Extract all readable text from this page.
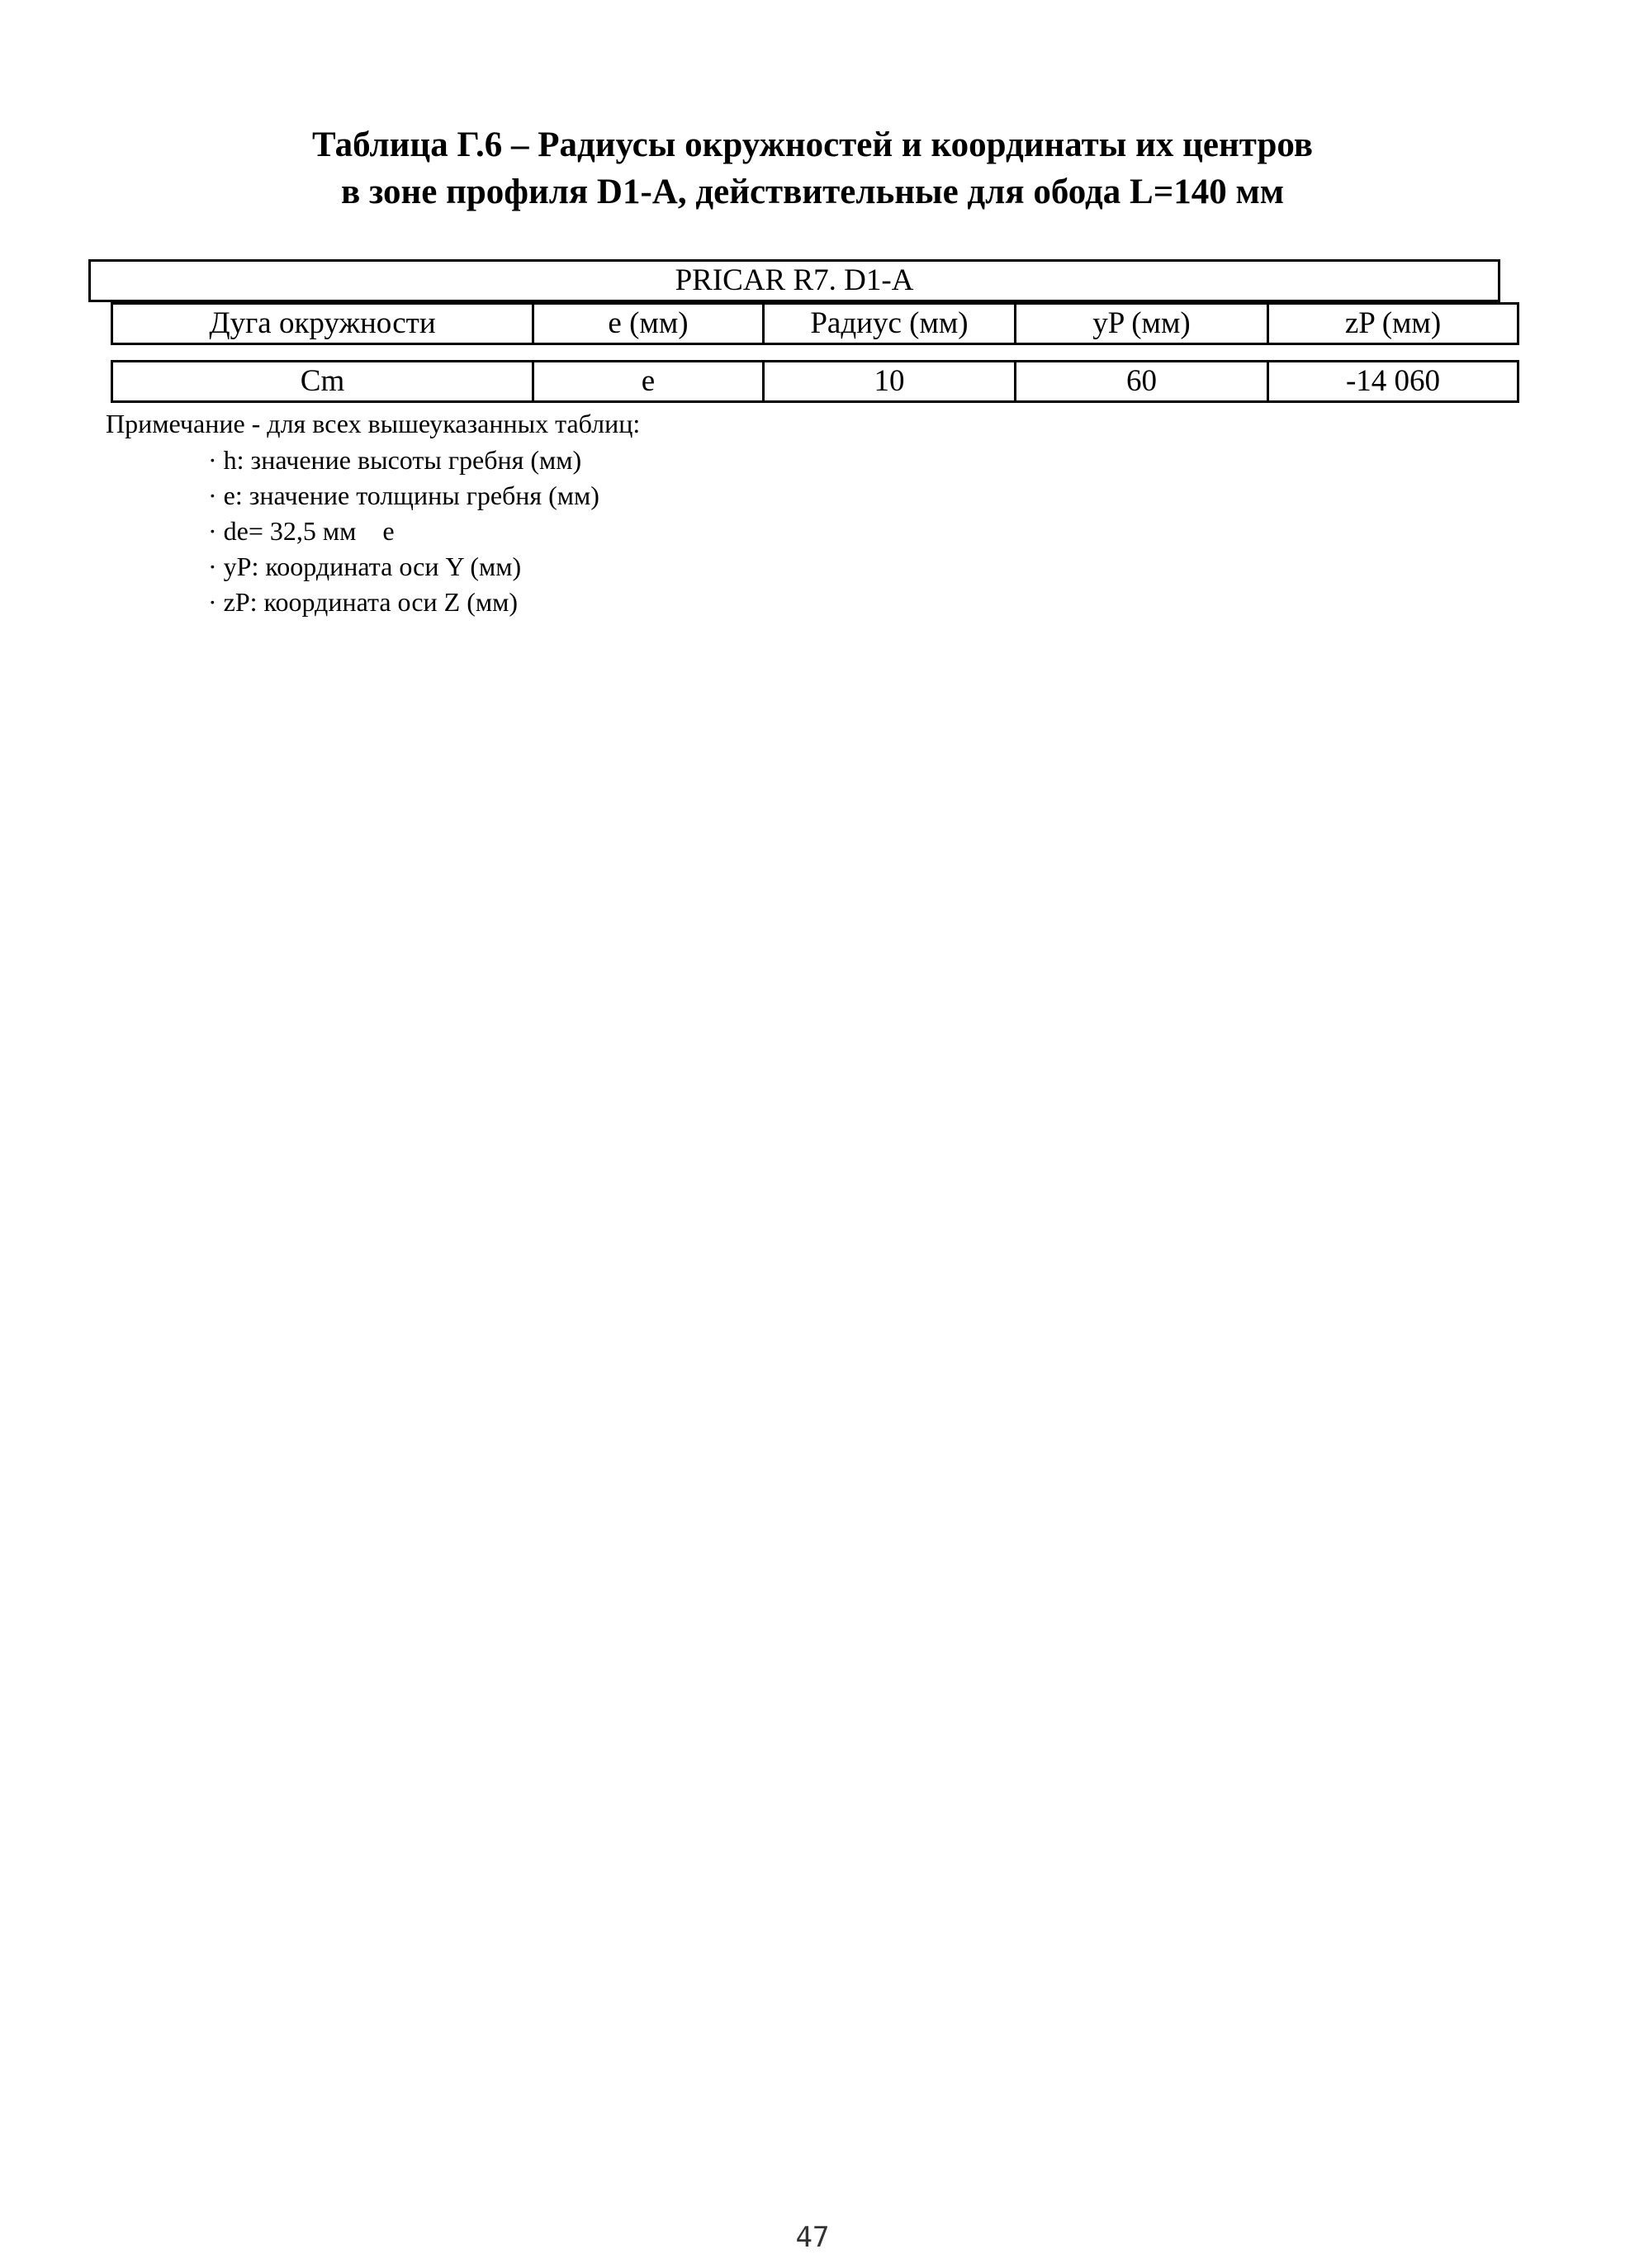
Таблица Г.6 – Радиусы окружностей и координаты их центров
в зоне профиля D1-A, действительные для обода L=140 мм
PRICAR R7. D1-A
Дуга окружности	e (мм)	Радиус (мм)	yP (мм)	zP (мм)
Cm	e	10	60	-14 060
Примечание - для всех вышеуказанных таблиц:
· h: значение высоты гребня (мм)
· e: значение толщины гребня (мм)
· de= 32,5 мм    e
· yP: координата оси Y (мм)
· zP: координата оси Z (мм)
47
